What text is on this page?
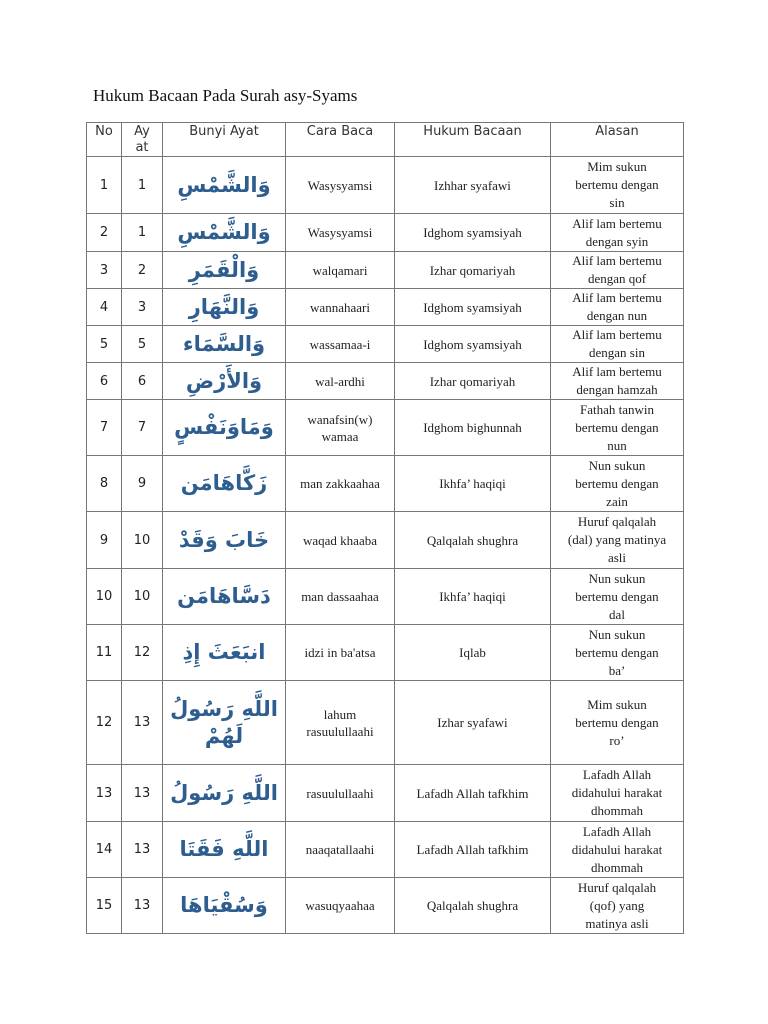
Hukum Bacaan Pada Surah asy-Syams
No	Ay
at	Bunyi Ayat	Cara Baca	Hukum Bacaan	Alasan
1	1	وَالشَّمْسِ	Wasysyamsi	Izhhar syafawi	Mim sukun
bertemu dengan
sin

2	1	وَالشَّمْسِ	Wasysyamsi	Idghom syamsiyah	Alif lam bertemu
dengan syin

3	2	وَالْقَمَرِ	walqamari	Izhar qomariyah	Alif lam bertemu
dengan qof

4	3	وَالنَّهَارِ	wannahaari	Idghom syamsiyah	Alif lam bertemu
dengan nun

5	5	وَالسَّمَاء	wassamaa-i	Idghom syamsiyah	Alif lam bertemu
dengan sin

6	6	وَالأَرْضِ	wal-ardhi	Izhar qomariyah	Alif lam bertemu
dengan hamzah

7	7	وَمَاوَنَفْسٍ	wanafsin(w) wamaa	Idghom bighunnah	Fathah tanwin
bertemu dengan
nun

8	9	زَكَّاهَامَن	man zakkaahaa	Ikhfa’ haqiqi	Nun sukun
bertemu dengan
zain

9	10	خَابَ وَقَدْ	waqad khaaba	Qalqalah shughra	Huruf qalqalah
(dal) yang matinya
asli

10	10	دَسَّاهَامَن	man dassaahaa	Ikhfa’ haqiqi	Nun sukun
bertemu dengan
dal

11	12	انبَعَثَ إِذِ	idzi in ba'atsa	Iqlab	Nun sukun
bertemu dengan
ba’

12	13	اللَّهِ رَسُولُ لَهُمْ	lahum rasuulullaahi	Izhar syafawi	Mim sukun
bertemu dengan
ro’

13	13	اللَّهِ رَسُولُ	rasuulullaahi	Lafadh Allah tafkhim	Lafadh Allah
didahului harakat
dhommah

14	13	اللَّهِ فَقَتَا	naaqatallaahi	Lafadh Allah tafkhim	Lafadh Allah
didahului harakat
dhommah

15	13	وَسُقْيَاهَا	wasuqyaahaa	Qalqalah shughra	Huruf qalqalah
(qof) yang
matinya asli
